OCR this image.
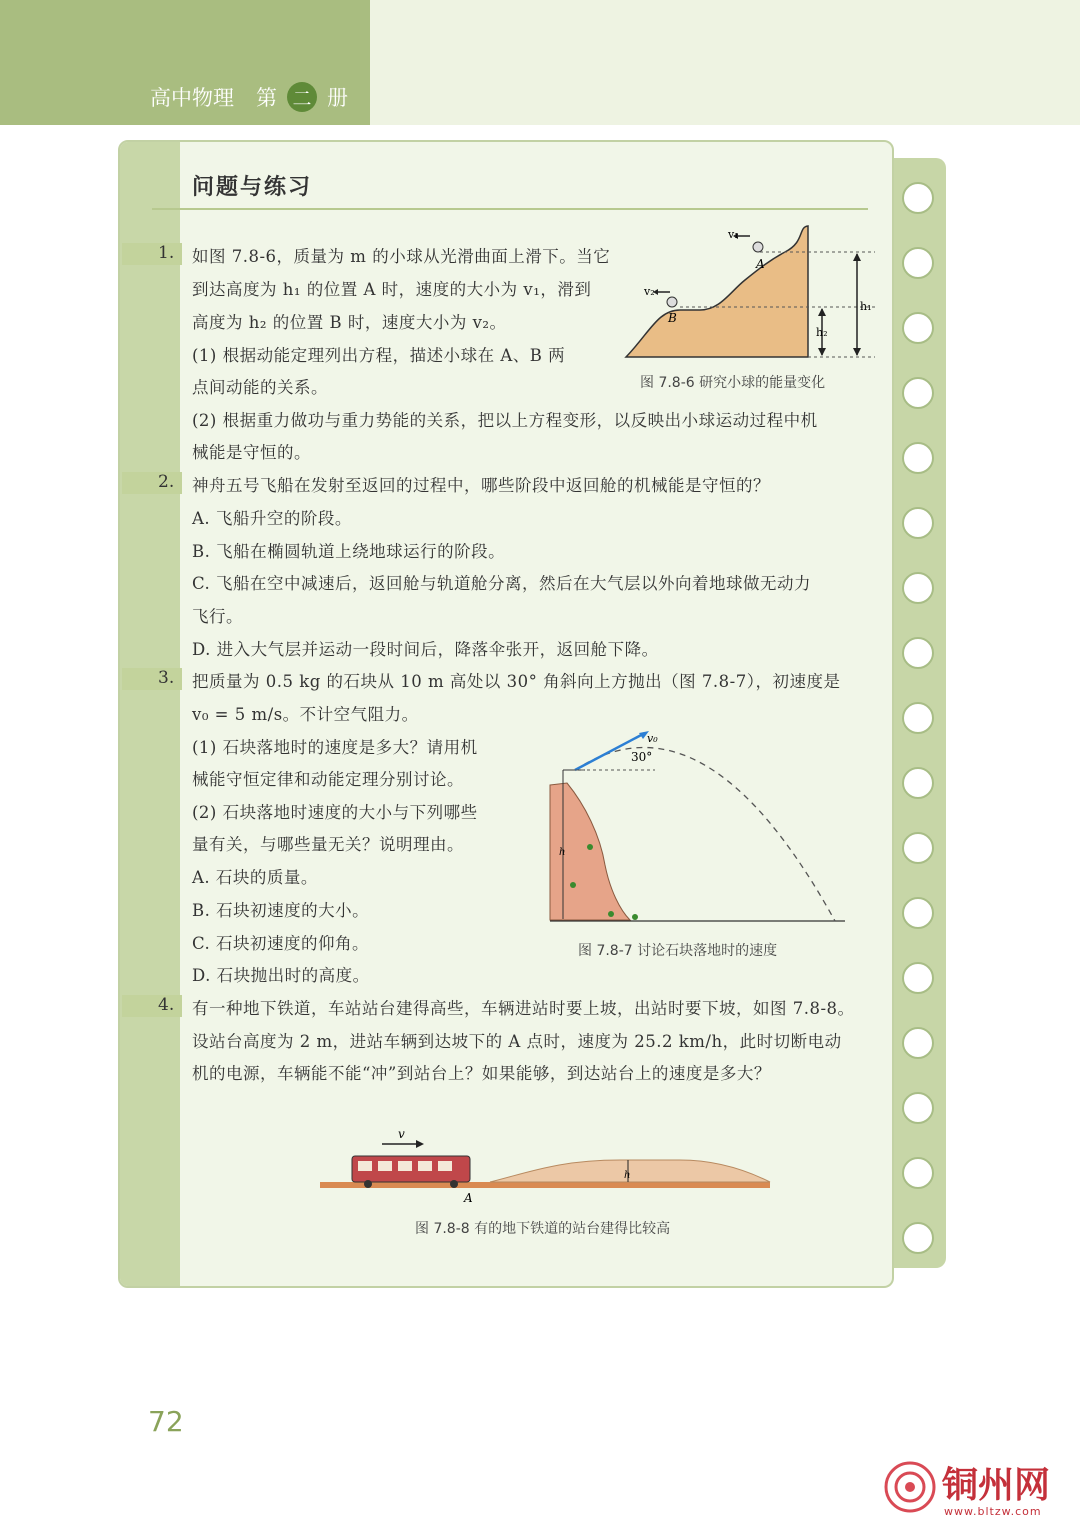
高中物理 第 二 册
问题与练习
1. 如图 7.8-6，质量为 m 的小球从光滑曲面上滑下。当它
到达高度为 h₁ 的位置 A 时，速度的大小为 v₁，滑到
高度为 h₂ 的位置 B 时，速度大小为 v₂。
(1) 根据动能定理列出方程，描述小球在 A、B 两
点间动能的关系。
(2) 根据重力做功与重力势能的关系，把以上方程变形，以反映出小球运动过程中机
械能是守恒的。
v₁
v₂
A
B
h₁
h₂
图 7.8-6 研究小球的能量变化
2. 神舟五号飞船在发射至返回的过程中，哪些阶段中返回舱的机械能是守恒的？
A. 飞船升空的阶段。
B. 飞船在椭圆轨道上绕地球运行的阶段。
C. 飞船在空中减速后，返回舱与轨道舱分离，然后在大气层以外向着地球做无动力
飞行。
D. 进入大气层并运动一段时间后，降落伞张开，返回舱下降。
3. 把质量为 0.5 kg 的石块从 10 m 高处以 30° 角斜向上方抛出（图 7.8-7），初速度是
v₀ = 5 m/s。不计空气阻力。
(1) 石块落地时的速度是多大？请用机
械能守恒定律和动能定理分别讨论。
(2) 石块落地时速度的大小与下列哪些
量有关，与哪些量无关？说明理由。
A. 石块的质量。
B. 石块初速度的大小。
C. 石块初速度的仰角。
D. 石块抛出时的高度。
h
v₀
30°
图 7.8-7 讨论石块落地时的速度
4. 有一种地下铁道，车站站台建得高些，车辆进站时要上坡，出站时要下坡，如图 7.8-8。
设站台高度为 2 m，进站车辆到达坡下的 A 点时，速度为 25.2 km/h，此时切断电动
机的电源，车辆能不能“冲”到站台上？如果能够，到达站台上的速度是多大？
v
A
h
图 7.8-8 有的地下铁道的站台建得比较高
72
铜州网
www.bltzw.com
